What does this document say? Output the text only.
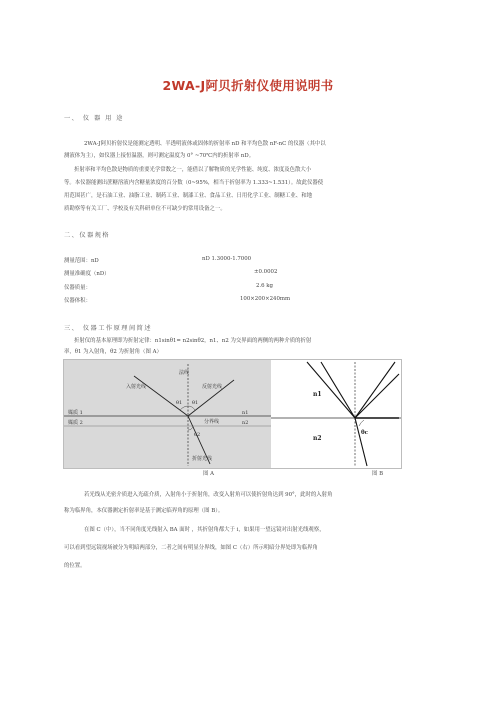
2WA-J阿贝折射仪使用说明书
一、 仪 器 用 途
2WA-J阿贝折射仪是能测定透明、半透明液体或固体的折射率 nD 和平均色散 nF-nC 的仪器（其中以
测液体为主），如仪器上接恒温器，则可测定温度为 0° ~70℃内的折射率 nD。
折射率和平均色散是物质的重要光学常数之一，能借以了解物质的光学性能、纯度、浓度及色散大小
等。本仪器能测出蔗糖溶液内含糖量浓度的百分数（0~95%，相当于折射率为 1.333~1.531）。故此仪器使
用范围甚广，是石油工业、油脂工业、制药工业、制漆工业、食品工业、日用化学工业、制糖工业、和地
质勘察等有关工厂、学校及有关科研单位不可缺少的常用设备之一。
二、仪器规格
测量范围：nD	nD 1.3000-1.7000
测量准确度（nD）	±0.0002
仪器质量：	2.6 kg
仪器体积：	100×200×240mm
三、 仪器工作原理间简述
折射仪的基本原理即为折射定律：n1sinθ1= n2sinθ2，n1、n2 为交界面的两侧的两种介质的折射
率，θ1 为入射角，θ2 为折射角（图 A）
法线
入射光线	反射光线
θ1 θ1
θ2
媒质 1
媒质 2	分界线
n1
n2
折射光线
n1
n2
θc
图 A	图 B
若光线从光密介质进入光疏介质，入射角小于折射角，改变入射角可以使折射角达到 90°，此时的入射角
称为临界角，本仪器测定折射率是基于测定临界角的原理（图 B）。
在图 C（中），当不同角度光线射入 BA 面时 ，其折射角都大于 i，如果用一望远镜对出射光线观察，
可以看到望远镜视场被分为明暗两部分，二者之间有明显分界线，如图 C（右）所示明暗分界处即为临界角
的位置。
